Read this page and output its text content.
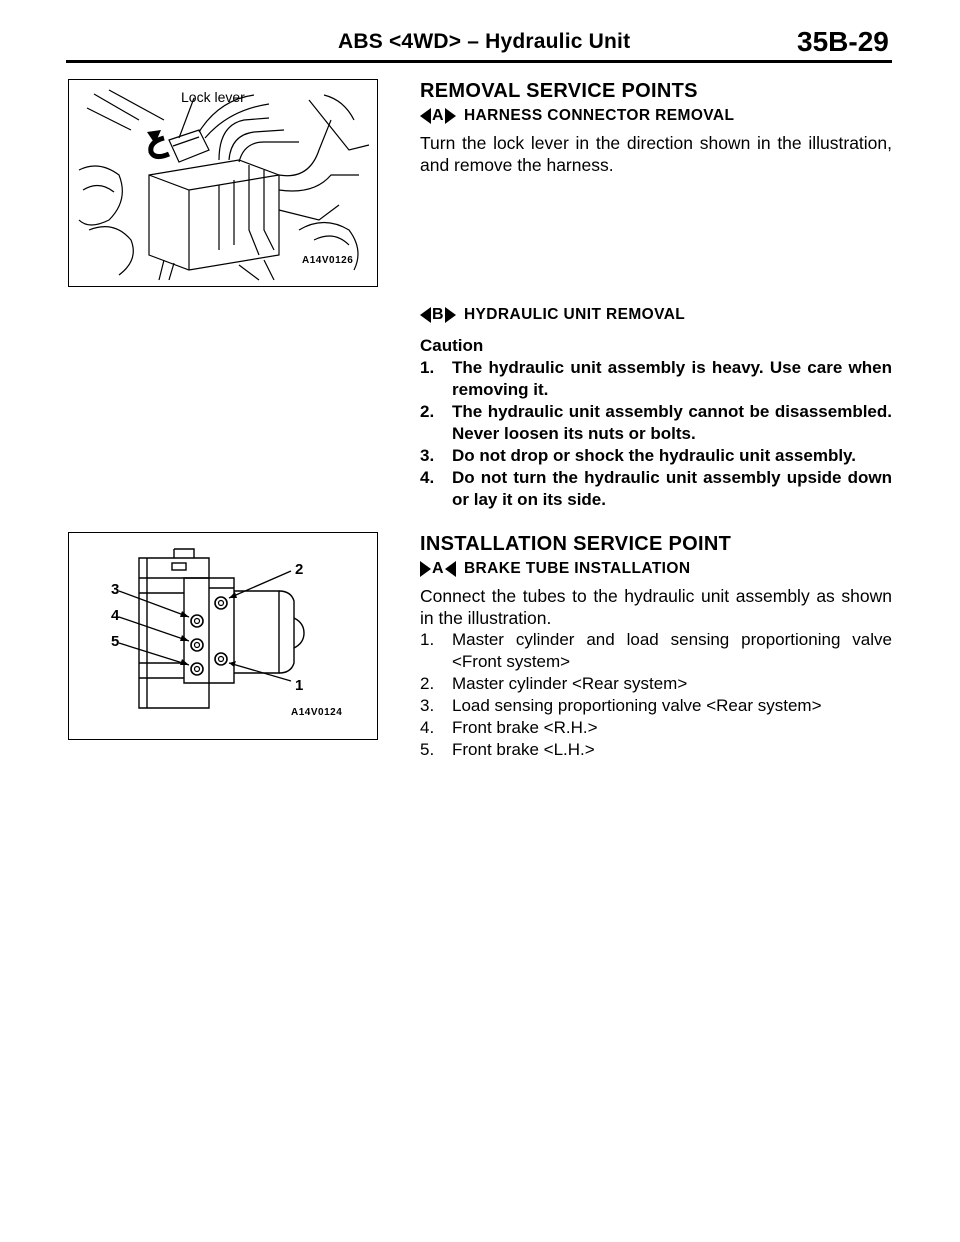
ABS <4WD> – Hydraulic Unit	35B-29
Lock lever
A14V0126
REMOVAL SERVICE POINTS
A HARNESS CONNECTOR REMOVAL
Turn the lock lever in the direction shown in the illustration, and remove the harness.
B HYDRAULIC UNIT REMOVAL
Caution
1. The hydraulic unit assembly is heavy. Use care when removing it.
2. The hydraulic unit assembly cannot be disassembled. Never loosen its nuts or bolts.
3. Do not drop or shock the hydraulic unit assembly.
4. Do not turn the hydraulic unit assembly upside down or lay it on its side.
3
4
5
2
1
A14V0124
INSTALLATION SERVICE POINT
A BRAKE TUBE INSTALLATION
Connect the tubes to the hydraulic unit assembly as shown in the illustration.
1. Master cylinder and load sensing proportioning valve <Front system>
2. Master cylinder <Rear system>
3. Load sensing proportioning valve <Rear system>
4. Front brake <R.H.>
5. Front brake <L.H.>
